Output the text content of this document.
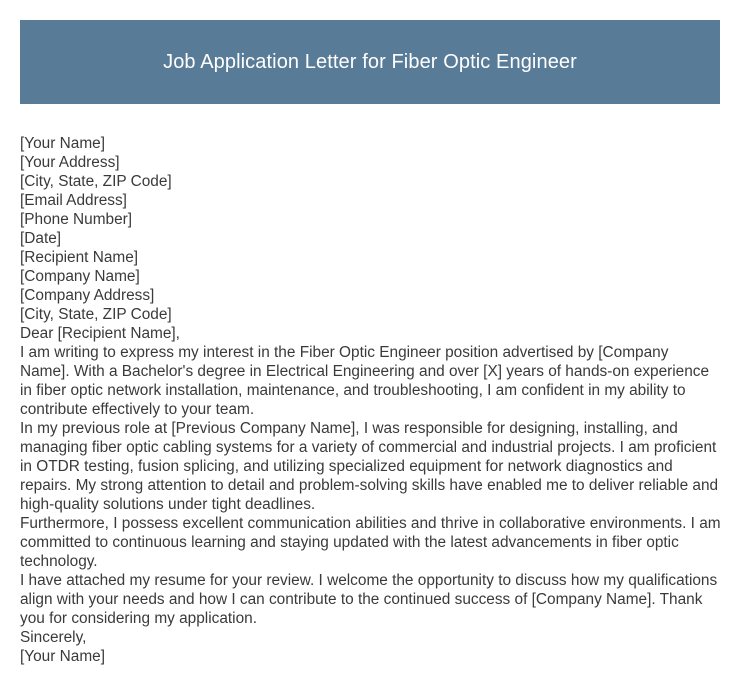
Job Application Letter for Fiber Optic Engineer

[Your Name]

[Your Address]

[City, State, ZIP Code]

[Email Address]

[Phone Number]

[Date]

[Recipient Name]

[Company Name]

[Company Address]

[City, State, ZIP Code]

Dear [Recipient Name],

I am writing to express my interest in the Fiber Optic Engineer position advertised by [Company Name]. With a Bachelor's degree in Electrical Engineering and over [X] years of hands-on experience in fiber optic network installation, maintenance, and troubleshooting, I am confident in my ability to contribute effectively to your team.

In my previous role at [Previous Company Name], I was responsible for designing, installing, and managing fiber optic cabling systems for a variety of commercial and industrial projects. I am proficient in OTDR testing, fusion splicing, and utilizing specialized equipment for network diagnostics and repairs. My strong attention to detail and problem-solving skills have enabled me to deliver reliable and high-quality solutions under tight deadlines.

Furthermore, I possess excellent communication abilities and thrive in collaborative environments. I am committed to continuous learning and staying updated with the latest advancements in fiber optic technology.

I have attached my resume for your review. I welcome the opportunity to discuss how my qualifications align with your needs and how I can contribute to the continued success of [Company Name]. Thank you for considering my application.

Sincerely,

[Your Name]
